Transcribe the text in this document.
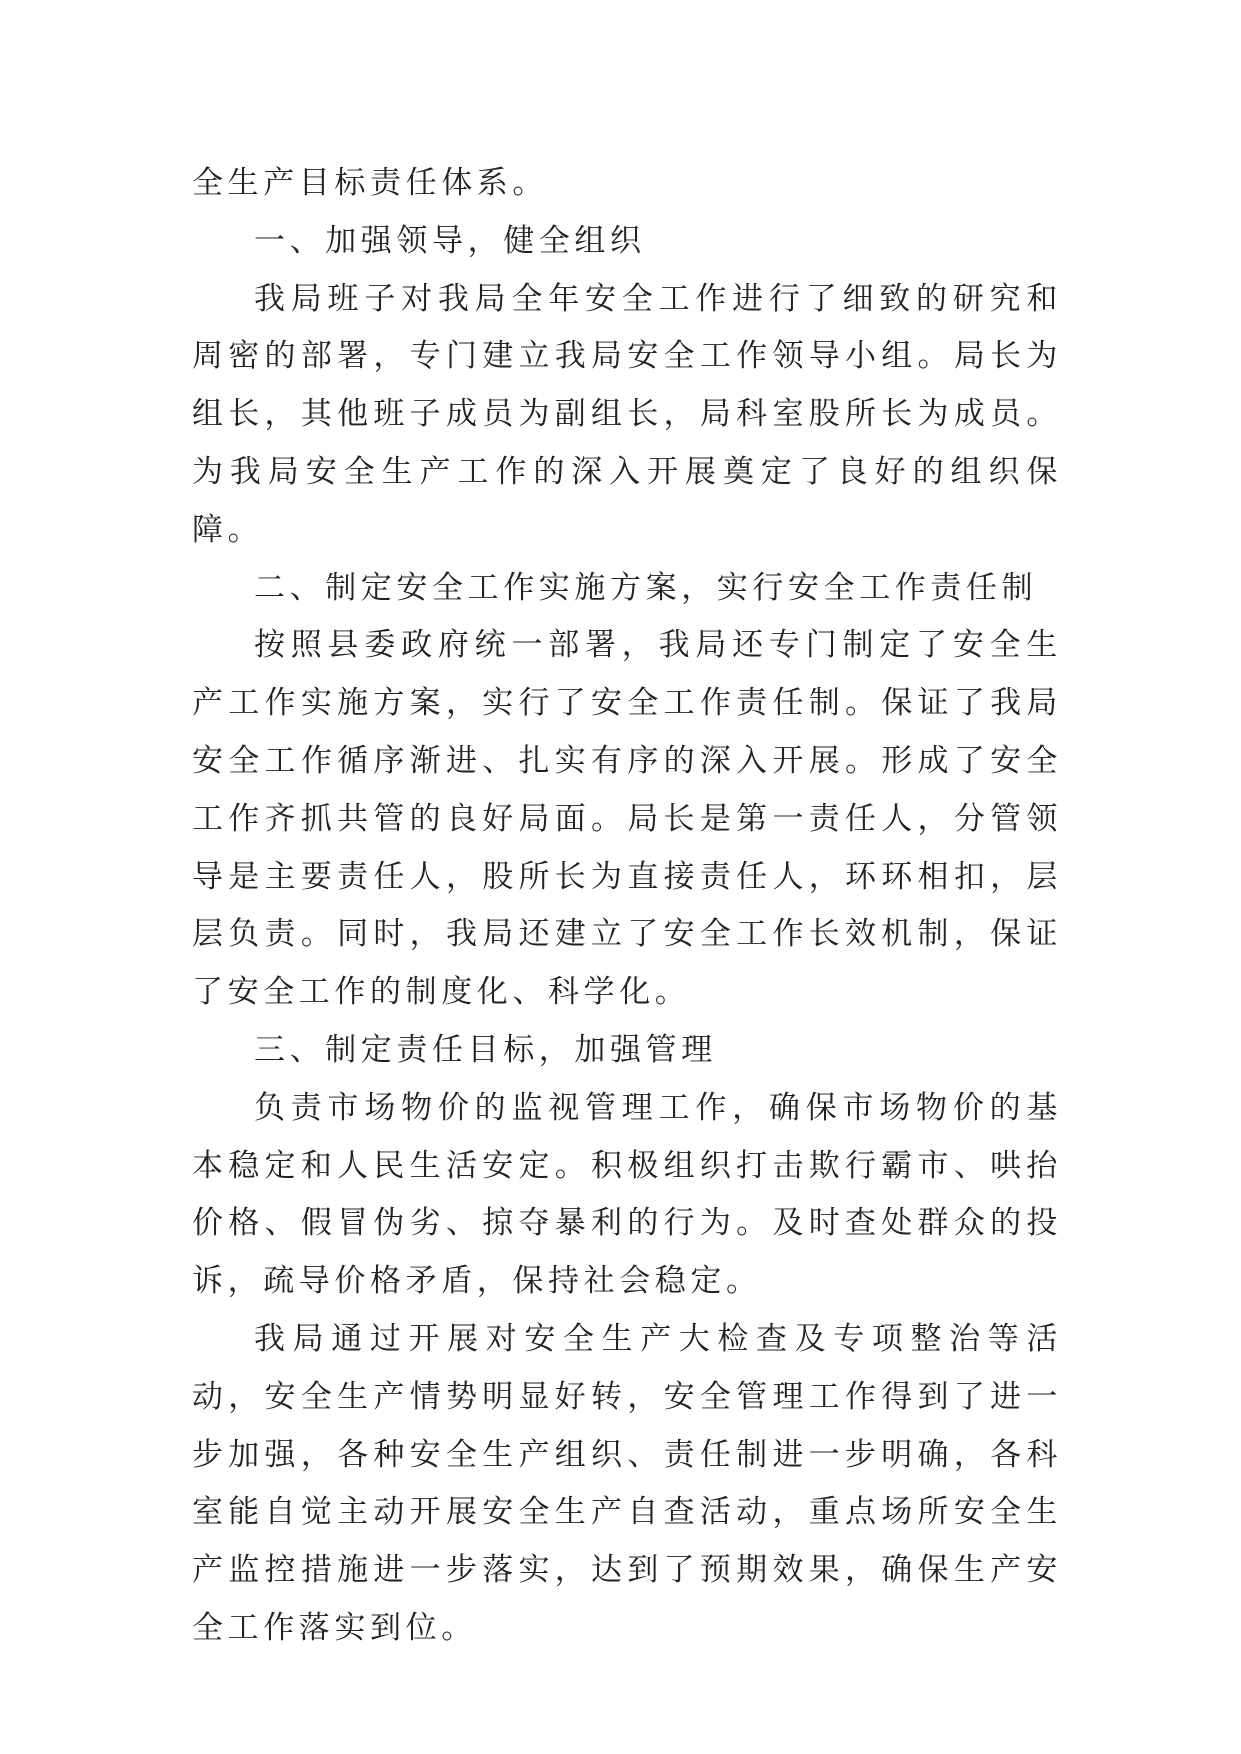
全生产目标责任体系。

一、加强领导，健全组织

我局班子对我局全年安全工作进行了细致的研究和周密的部署，专门建立我局安全工作领导小组。局长为组长，其他班子成员为副组长，局科室股所长为成员。为我局安全生产工作的深入开展奠定了良好的组织保障。

二、制定安全工作实施方案，实行安全工作责任制

按照县委政府统一部署，我局还专门制定了安全生产工作实施方案，实行了安全工作责任制。保证了我局安全工作循序渐进、扎实有序的深入开展。形成了安全工作齐抓共管的良好局面。局长是第一责任人，分管领导是主要责任人，股所长为直接责任人，环环相扣，层层负责。同时，我局还建立了安全工作长效机制，保证了安全工作的制度化、科学化。

三、制定责任目标，加强管理

负责市场物价的监视管理工作，确保市场物价的基本稳定和人民生活安定。积极组织打击欺行霸市、哄抬价格、假冒伪劣、掠夺暴利的行为。及时查处群众的投诉，疏导价格矛盾，保持社会稳定。

我局通过开展对安全生产大检查及专项整治等活动，安全生产情势明显好转，安全管理工作得到了进一步加强，各种安全生产组织、责任制进一步明确，各科室能自觉主动开展安全生产自查活动，重点场所安全生产监控措施进一步落实，达到了预期效果，确保生产安全工作落实到位。
